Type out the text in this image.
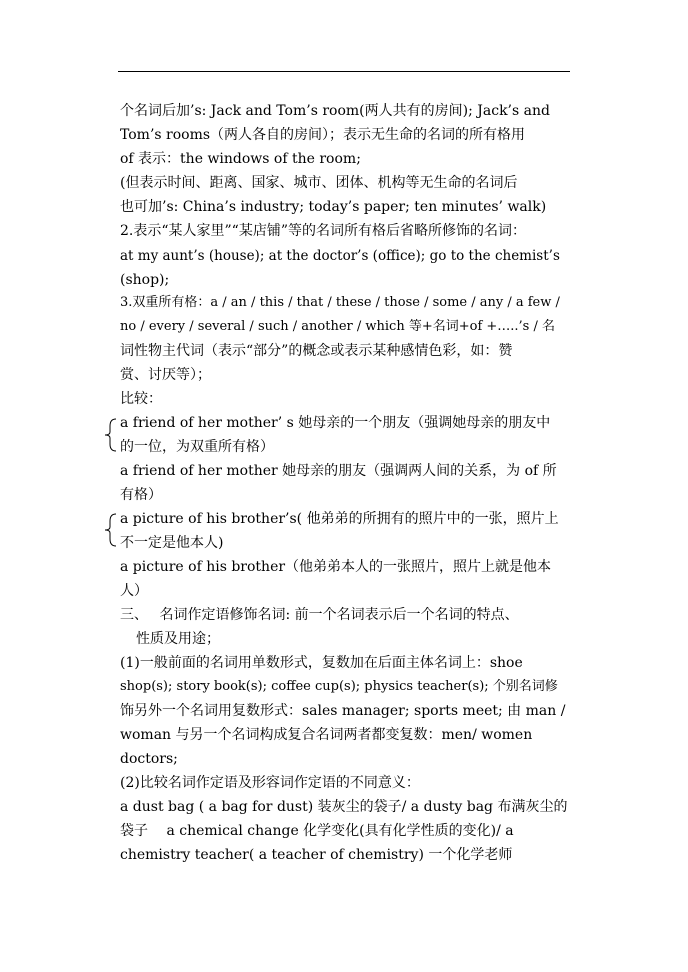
个名词后加’s: Jack and Tom’s room(两人共有的房间); Jack’s and
Tom’s rooms（两人各自的房间）；表示无生命的名词的所有格用
of 表示：the windows of the room;
(但表示时间、距离、国家、城市、团体、机构等无生命的名词后
也可加’s: China’s industry; today’s paper; ten minutes’ walk)
2.表示“某人家里”“某店铺”等的名词所有格后省略所修饰的名词：
at my aunt’s (house); at the doctor’s (office); go to the chemist’s
(shop);
3.双重所有格：a / an / this / that / these / those / some / any / a few /
no / every / several / such / another / which 等+名词+of +…..’s / 名
词性物主代词（表示“部分”的概念或表示某种感情色彩，如：赞
赏、讨厌等）；
比较：
a friend of her mother’ s 她母亲的一个朋友（强调她母亲的朋友中
的一位，为双重所有格）
a friend of her mother 她母亲的朋友（强调两人间的关系，为 of 所
有格）
a picture of his brother’s( 他弟弟的所拥有的照片中的一张，照片上
不一定是他本人)
a picture of his brother（他弟弟本人的一张照片，照片上就是他本
人）
三、　 名词作定语修饰名词: 前一个名词表示后一个名词的特点、
性质及用途；
(1)一般前面的名词用单数形式，复数加在后面主体名词上：shoe
shop(s); story book(s); coffee cup(s); physics teacher(s); 个别名词修
饰另外一个名词用复数形式：sales manager; sports meet; 由 man /
woman 与另一个名词构成复合名词两者都变复数：men/ women
doctors;
(2)比较名词作定语及形容词作定语的不同意义：
a dust bag ( a bag for dust) 装灰尘的袋子/ a dusty bag 布满灰尘的
袋子　 a chemical change 化学变化(具有化学性质的变化)/ a
chemistry teacher( a teacher of chemistry) 一个化学老师
